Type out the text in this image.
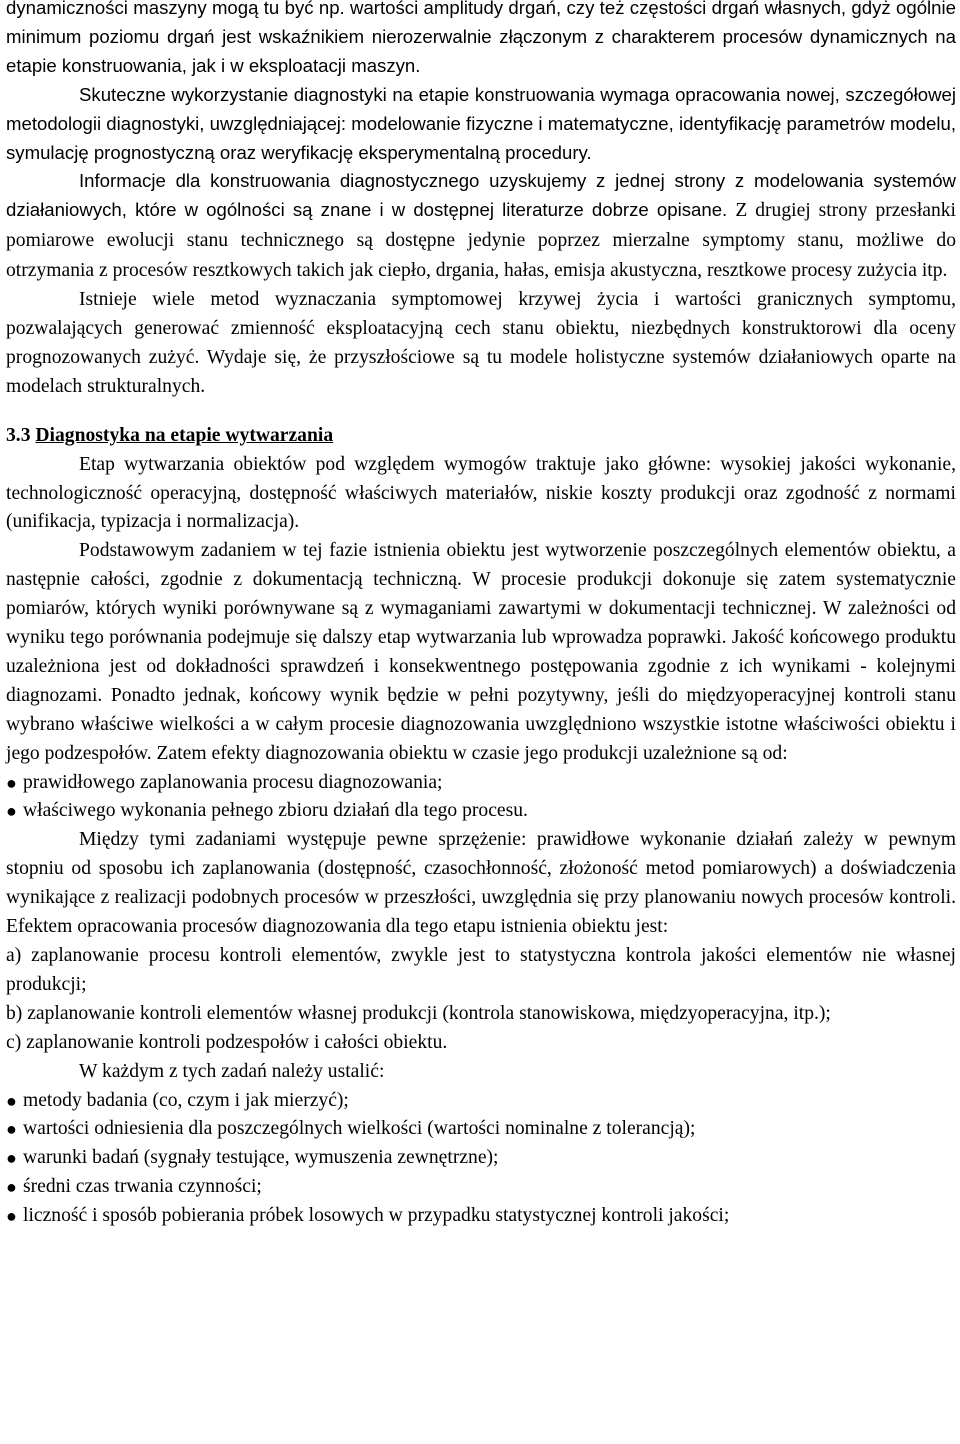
dynamiczności maszyny mogą tu być np. wartości amplitudy drgań, czy też częstości drgań własnych, gdyż ogólnie minimum poziomu drgań jest wskaźnikiem nierozerwalnie złączonym z charakterem procesów dynamicznych na etapie konstruowania, jak i w eksploatacji maszyn.

Skuteczne wykorzystanie diagnostyki na etapie konstruowania wymaga opracowania nowej, szczegółowej metodologii diagnostyki, uwzględniającej: modelowanie fizyczne i matematyczne, identyfikację parametrów modelu, symulację prognostyczną oraz weryfikację eksperymentalną procedury.

Informacje dla konstruowania diagnostycznego uzyskujemy z jednej strony z modelowania systemów działaniowych, które w ogólności są znane i w dostępnej literaturze dobrze opisane. Z drugiej strony przesłanki pomiarowe ewolucji stanu technicznego są dostępne jedynie poprzez mierzalne symptomy stanu, możliwe do otrzymania z procesów resztkowych takich jak ciepło, drgania, hałas, emisja akustyczna, resztkowe procesy zużycia itp.

Istnieje wiele metod wyznaczania symptomowej krzywej życia i wartości granicznych symptomu, pozwalających generować zmienność eksploatacyjną cech stanu obiektu, niezbędnych konstruktorowi dla oceny prognozowanych zużyć. Wydaje się, że przyszłościowe są tu modele holistyczne systemów działaniowych oparte na modelach strukturalnych.

3.3 Diagnostyka na etapie wytwarzania

Etap wytwarzania obiektów pod względem wymogów traktuje jako główne: wysokiej jakości wykonanie, technologiczność operacyjną, dostępność właściwych materiałów, niskie koszty produkcji oraz zgodność z normami (unifikacja, typizacja i normalizacja).

Podstawowym zadaniem w tej fazie istnienia obiektu jest wytworzenie poszczególnych elementów obiektu, a następnie całości, zgodnie z dokumentacją techniczną. W procesie produkcji dokonuje się zatem systematycznie pomiarów, których wyniki porównywane są z wymaganiami zawartymi w dokumentacji technicznej. W zależności od wyniku tego porównania podejmuje się dalszy etap wytwarzania lub wprowadza poprawki. Jakość końcowego produktu uzależniona jest od dokładności sprawdzeń i konsekwentnego postępowania zgodnie z ich wynikami - kolejnymi diagnozami. Ponadto jednak, końcowy wynik będzie w pełni pozytywny, jeśli do międzyoperacyjnej kontroli stanu wybrano właściwe wielkości a w całym procesie diagnozowania uwzględniono wszystkie istotne właściwości obiektu i jego podzespołów. Zatem efekty diagnozowania obiektu w czasie jego produkcji uzależnione są od:

● prawidłowego zaplanowania procesu diagnozowania;
● właściwego wykonania pełnego zbioru działań dla tego procesu.

Między tymi zadaniami występuje pewne sprzężenie: prawidłowe wykonanie działań zależy w pewnym stopniu od sposobu ich zaplanowania (dostępność, czasochłonność, złożoność metod pomiarowych) a doświadczenia wynikające z realizacji podobnych procesów w przeszłości, uwzględnia się przy planowaniu nowych procesów kontroli. Efektem opracowania procesów diagnozowania dla tego etapu istnienia obiektu jest:

a) zaplanowanie procesu kontroli elementów, zwykle jest to statystyczna kontrola jakości elementów nie własnej produkcji;

b) zaplanowanie kontroli elementów własnej produkcji (kontrola stanowiskowa, międzyoperacyjna, itp.);

c) zaplanowanie kontroli podzespołów i całości obiektu.

W każdym z tych zadań należy ustalić:

● metody badania (co, czym i jak mierzyć);
● wartości odniesienia dla poszczególnych wielkości (wartości nominalne z tolerancją);
● warunki badań (sygnały testujące, wymuszenia zewnętrzne);
● średni czas trwania czynności;
● liczność i sposób pobierania próbek losowych w przypadku statystycznej kontroli jakości;
